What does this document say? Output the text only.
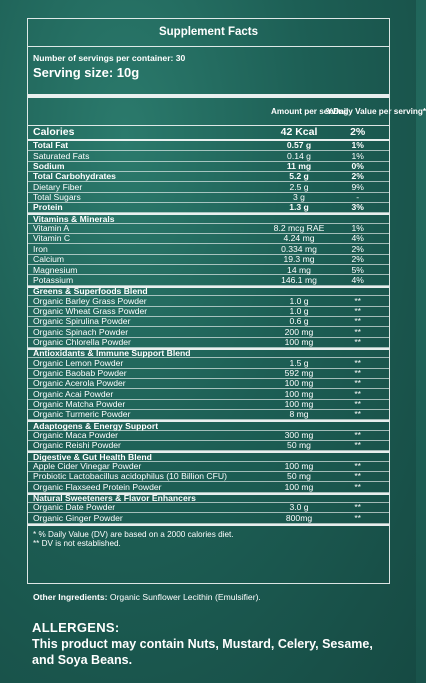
Supplement Facts
Number of servings per container: 30
Serving size: 10g
Amount per serving
%Daily Value per serving*
Calories	42 Kcal	2%
Total Fat	0.57 g	1%
Saturated Fats	0.14 g	1%
Sodium	11 mg	0%
Total Carbohydrates	5.2 g	2%
Dietary Fiber	2.5 g	9%
Total Sugars	3 g	-
Protein	1.3 g	3%
Vitamins & Minerals
Vitamin A	8.2 mcg RAE	1%
Vitamin C	4.24 mg	4%
Iron	0.334 mg	2%
Calcium	19.3 mg	2%
Magnesium	14 mg	5%
Potassium	146.1 mg	4%
Greens & Superfoods Blend
Organic Barley Grass Powder	1.0 g	**
Organic Wheat Grass Powder	1.0 g	**
Organic Spirulina Powder	0.6 g	**
Organic Spinach Powder	200 mg	**
Organic Chlorella Powder	100 mg	**
Antioxidants & Immune Support Blend
Organic Lemon Powder	1.5 g	**
Organic Baobab Powder	592 mg	**
Organic Acerola Powder	100 mg	**
Organic Acai Powder	100 mg	**
Organic Matcha Powder	100 mg	**
Organic Turmeric Powder	8 mg	**
Adaptogens & Energy Support
Organic Maca Powder	300 mg	**
Organic Reishi Powder	50 mg	**
Digestive & Gut Health Blend
Apple Cider Vinegar Powder	100 mg	**
Probiotic Lactobacillus acidophilus (10 Billion CFU)	50 mg	**
Organic Flaxseed Protein Powder	100 mg	**
Natural Sweeteners & Flavor Enhancers
Organic Date Powder	3.0 g	**
Organic Ginger Powder	800mg	**
* % Daily Value (DV) are based on a 2000 calories diet.
** DV is not established.
Other Ingredients: Organic Sunflower Lecithin (Emulsifier).
ALLERGENS:
This product may contain Nuts, Mustard, Celery, Sesame, and Soya Beans.
